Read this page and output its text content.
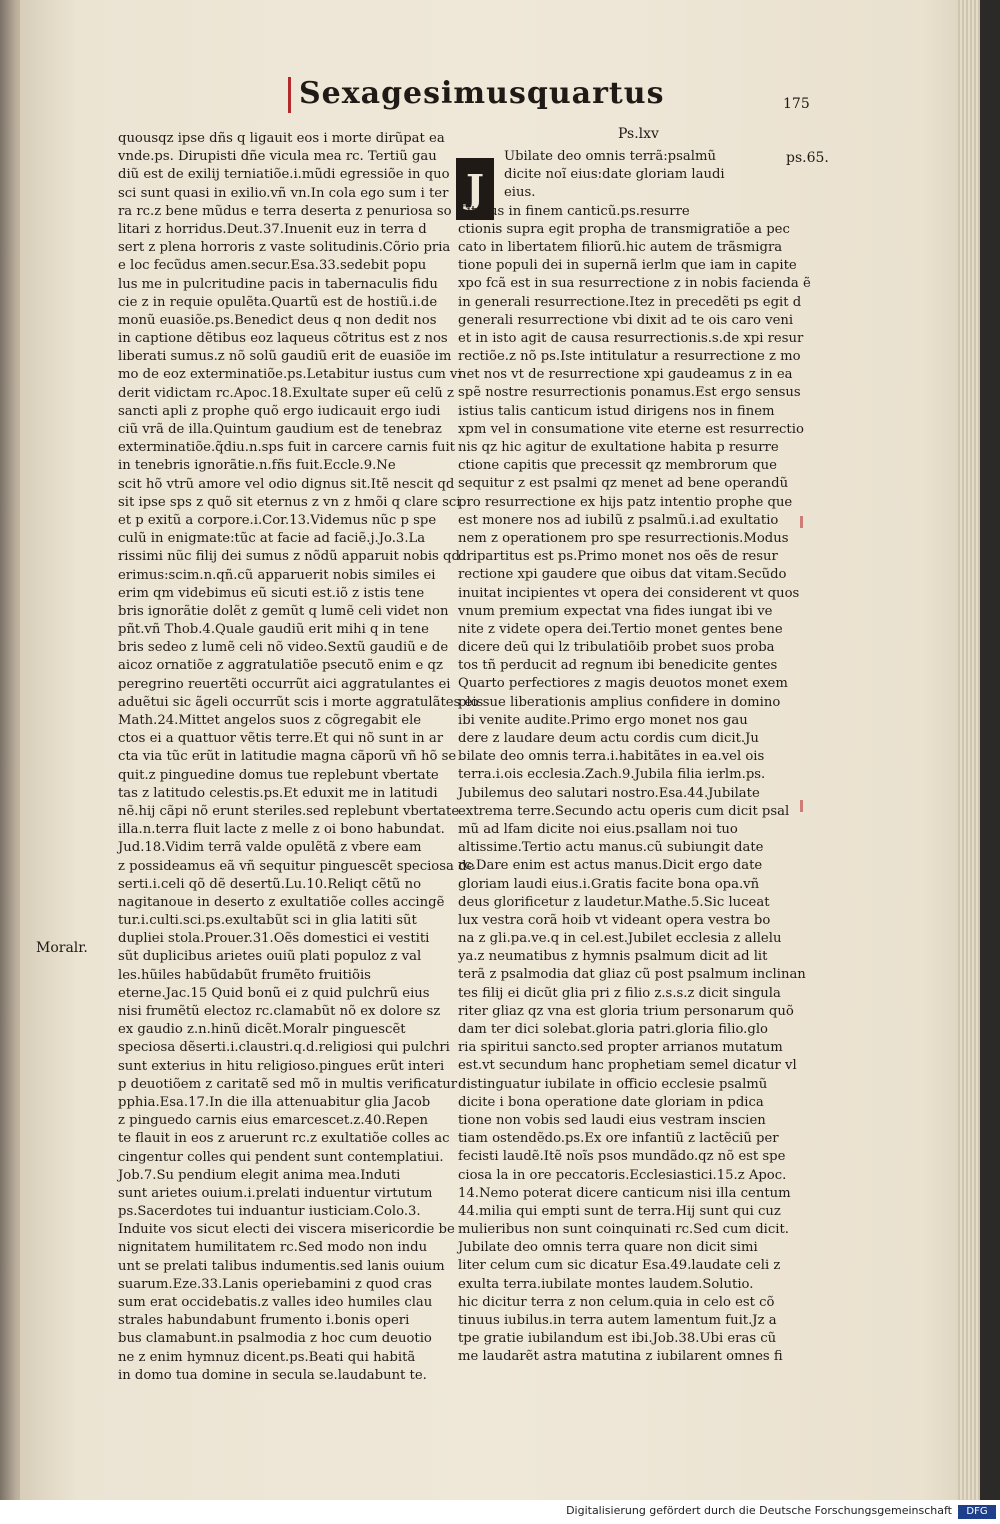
Sexagesimusquartus	175
Ps.lxv
ps.65.
Moralr.
J
quousqz ipse dñs q ligauit eos i morte dirũpat ea
vnde.ps. Dirupisti dñe vicula mea rc. Tertiũ gau
diũ est de exilij terniatiõe.i.mũdi egressiõe in quo
sci sunt quasi in exilio.vñ vn.In cola ego sum i ter
ra rc.z bene mũdus e terra deserta z penuriosa so
litari z horridus.Deut.37.Inuenit euz in terra d
sert z plena horroris z vaste solitudinis.Cõrio pria
e loc fecũdus amen.secur.Esa.33.sedebit popu
lus me in pulcritudine pacis in tabernaculis fidu
cie z in requie opulẽta.Quartũ est de hostiũ.i.de
monũ euasiõe.ps.Benedict deus q non dedit nos
in captione dẽtibus eoz laqueus cõtritus est z nos
liberati sumus.z nõ solũ gaudiũ erit de euasiõe im
mo de eoz exterminatiõe.ps.Letabitur iustus cum vi
derit vidictam rc.Apoc.18.Exultate super eũ celũ z
sancti apli z prophe quõ ergo iudicauit ergo iudi
ciũ vrã de illa.Quintum gaudium est de tenebraz
exterminatiõe.q̃diu.n.sps fuit in carcere carnis fuit
in tenebris ignorãtie.n.fñs fuit.Eccle.9.Ne
scit hõ vtrũ amore vel odio dignus sit.Itẽ nescit qd
sit ipse sps z quõ sit eternus z vn z hmõi q clare sci
et p exitũ a corpore.i.Cor.13.Videmus nũc p spe
culũ in enigmate:tũc at facie ad faciẽ.j.Jo.3.La
rissimi nũc filij dei sumus z nõdũ apparuit nobis qd
erimus:scim.n.qñ.cũ apparuerit nobis similes ei
erim qm videbimus eũ sicuti est.iõ z istis tene
bris ignorãtie dolẽt z gemũt q lumẽ celi videt non
pñt.vñ Thob.4.Quale gaudiũ erit mihi q in tene
bris sedeo z lumẽ celi nõ video.Sextũ gaudiũ e de
aicoz ornatiõe z aggratulatiõe psecutõ enim e qz
peregrino reuertẽti occurrũt aici aggratulantes ei
aduẽtui sic ãgeli occurrũt scis i morte aggratulãtes eis
Math.24.Mittet angelos suos z cõgregabit ele
ctos ei a quattuor vẽtis terre.Et qui nõ sunt in ar
cta via tũc erũt in latitudie magna cãporũ vñ hõ se
quit.z pinguedine domus tue replebunt vbertate
tas z latitudo celestis.ps.Et eduxit me in latitudi
nẽ.hij cãpi nõ erunt steriles.sed replebunt vbertate
illa.n.terra fluit lacte z melle z oi bono habundat.
Jud.18.Vidim terrã valde opulẽtã z vbere eam
z possideamus eã vñ sequitur pinguescẽt speciosa de
serti.i.celi qõ dẽ desertũ.Lu.10.Reliqt cẽtũ no
nagitanoue in deserto z exultatiõe colles accingẽ
tur.i.culti.sci.ps.exultabũt sci in glia latiti sũt
dupliei stola.Prouer.31.Oẽs domestici ei vestiti
sũt duplicibus arietes ouiũ plati populoz z val
les.hũiles habũdabũt frumẽto fruitiõis
eterne.Jac.15 Quid bonũ ei z quid pulchrũ eius
nisi frumẽtũ electoz rc.clamabũt nõ ex dolore sz
ex gaudio z.n.hinũ dicẽt.Moralr pinguescẽt
speciosa dẽserti.i.claustri.q.d.religiosi qui pulchri
sunt exterius in hitu religioso.pingues erũt interi
p deuotiõem z caritatẽ sed mõ in multis verificatur
pphia.Esa.17.In die illa attenuabitur glia Jacob
z pinguedo carnis eius emarcescet.z.40.Repen
te flauit in eos z aruerunt rc.z exultatiõe colles ac
cingentur colles qui pendent sunt contemplatiui.
Job.7.Su pendium elegit anima mea.Induti
sunt arietes ouium.i.prelati induentur virtutum
ps.Sacerdotes tui induantur iusticiam.Colo.3.
Induite vos sicut electi dei viscera misericordie be
nignitatem humilitatem rc.Sed modo non indu
unt se prelati talibus indumentis.sed lanis ouium
suarum.Eze.33.Lanis operiebamini z quod cras
sum erat occidebatis.z valles ideo humiles clau
strales habundabunt frumento i.bonis operi
bus clamabunt.in psalmodia z hoc cum deuotio
ne z enim hymnuz dicent.ps.Beati qui habitã
in domo tua domine in secula se.laudabunt te.
Ubilate deo omnis terrã:psalmũ
dicite noĩ eius:date gloriam laudi
eius.
Titulus in finem canticũ.ps.resurre
ctionis supra egit propha de transmigratiõe a pec
cato in libertatem filiorũ.hic autem de trãsmigra
tione populi dei in supernã ierlm que iam in capite
xpo fcã est in sua resurrectione z in nobis facienda ẽ
in generali resurrectione.Itez in precedẽti ps egit d
generali resurrectione vbi dixit ad te ois caro veni
et in isto agit de causa resurrectionis.s.de xpi resur
rectiõe.z nõ ps.Iste intitulatur a resurrectione z mo
net nos vt de resurrectione xpi gaudeamus z in ea
spẽ nostre resurrectionis ponamus.Est ergo sensus
istius talis canticum istud dirigens nos in finem
xpm vel in consumatione vite eterne est resurrectio
nis qz hic agitur de exultatione habita p resurre
ctione capitis que precessit qz membrorum que
sequitur z est psalmi qz menet ad bene operandũ
pro resurrectione ex hijs patz intentio prophe que
est monere nos ad iubilũ z psalmũ.i.ad exultatio
nem z operationem pro spe resurrectionis.Modus
dripartitus est ps.Primo monet nos oẽs de resur
rectione xpi gaudere que oibus dat vitam.Secũdo
inuitat incipientes vt opera dei considerent vt quos
vnum premium expectat vna fides iungat ibi ve
nite z videte opera dei.Tertio monet gentes bene
dicere deũ qui lz tribulatiõib probet suos proba
tos tñ perducit ad regnum ibi benedicite gentes
Quarto perfectiores z magis deuotos monet exem
plo sue liberationis amplius confidere in domino
ibi venite audite.Primo ergo monet nos gau
dere z laudare deum actu cordis cum dicit.Ju
bilate deo omnis terra.i.habitãtes in ea.vel ois
terra.i.ois ecclesia.Zach.9.Jubila filia ierlm.ps.
Jubilemus deo salutari nostro.Esa.44.Jubilate
extrema terre.Secundo actu operis cum dicit psal
mũ ad lfam dicite noi eius.psallam noi tuo
altissime.Tertio actu manus.cũ subiungit date
rc.Dare enim est actus manus.Dicit ergo date
gloriam laudi eius.i.Gratis facite bona opa.vñ
deus glorificetur z laudetur.Mathe.5.Sic luceat
lux vestra corã hoib vt videant opera vestra bo
na z gli.pa.ve.q in cel.est.Jubilet ecclesia z allelu
ya.z neumatibus z hymnis psalmum dicit ad lit
terã z psalmodia dat gliaz cũ post psalmum inclinan
tes filij ei dicũt glia pri z filio z.s.s.z dicit singula
riter gliaz qz vna est gloria trium personarum quõ
dam ter dici solebat.gloria patri.gloria filio.glo
ria spiritui sancto.sed propter arrianos mutatum
est.vt secundum hanc prophetiam semel dicatur vl
distinguatur iubilate in officio ecclesie psalmũ
dicite i bona operatione date gloriam in pdica
tione non vobis sed laudi eius vestram inscien
tiam ostendẽdo.ps.Ex ore infantiũ z lactẽciũ per
fecisti laudẽ.Itẽ noĩs psos mundãdo.qz nõ est spe
ciosa la in ore peccatoris.Ecclesiastici.15.z Apoc.
14.Nemo poterat dicere canticum nisi illa centum
44.milia qui empti sunt de terra.Hij sunt qui cuz
mulieribus non sunt coinquinati rc.Sed cum dicit.
Jubilate deo omnis terra quare non dicit simi
liter celum cum sic dicatur Esa.49.laudate celi z
exulta terra.iubilate montes laudem.Solutio.
hic dicitur terra z non celum.quia in celo est cõ
tinuus iubilus.in terra autem lamentum fuit.Jz a
tpe gratie iubilandum est ibi.Job.38.Ubi eras cũ
me laudarẽt astra matutina z iubilarent omnes fi
Digitalisierung gefördert durch die Deutsche Forschungsgemeinschaft	DFG
